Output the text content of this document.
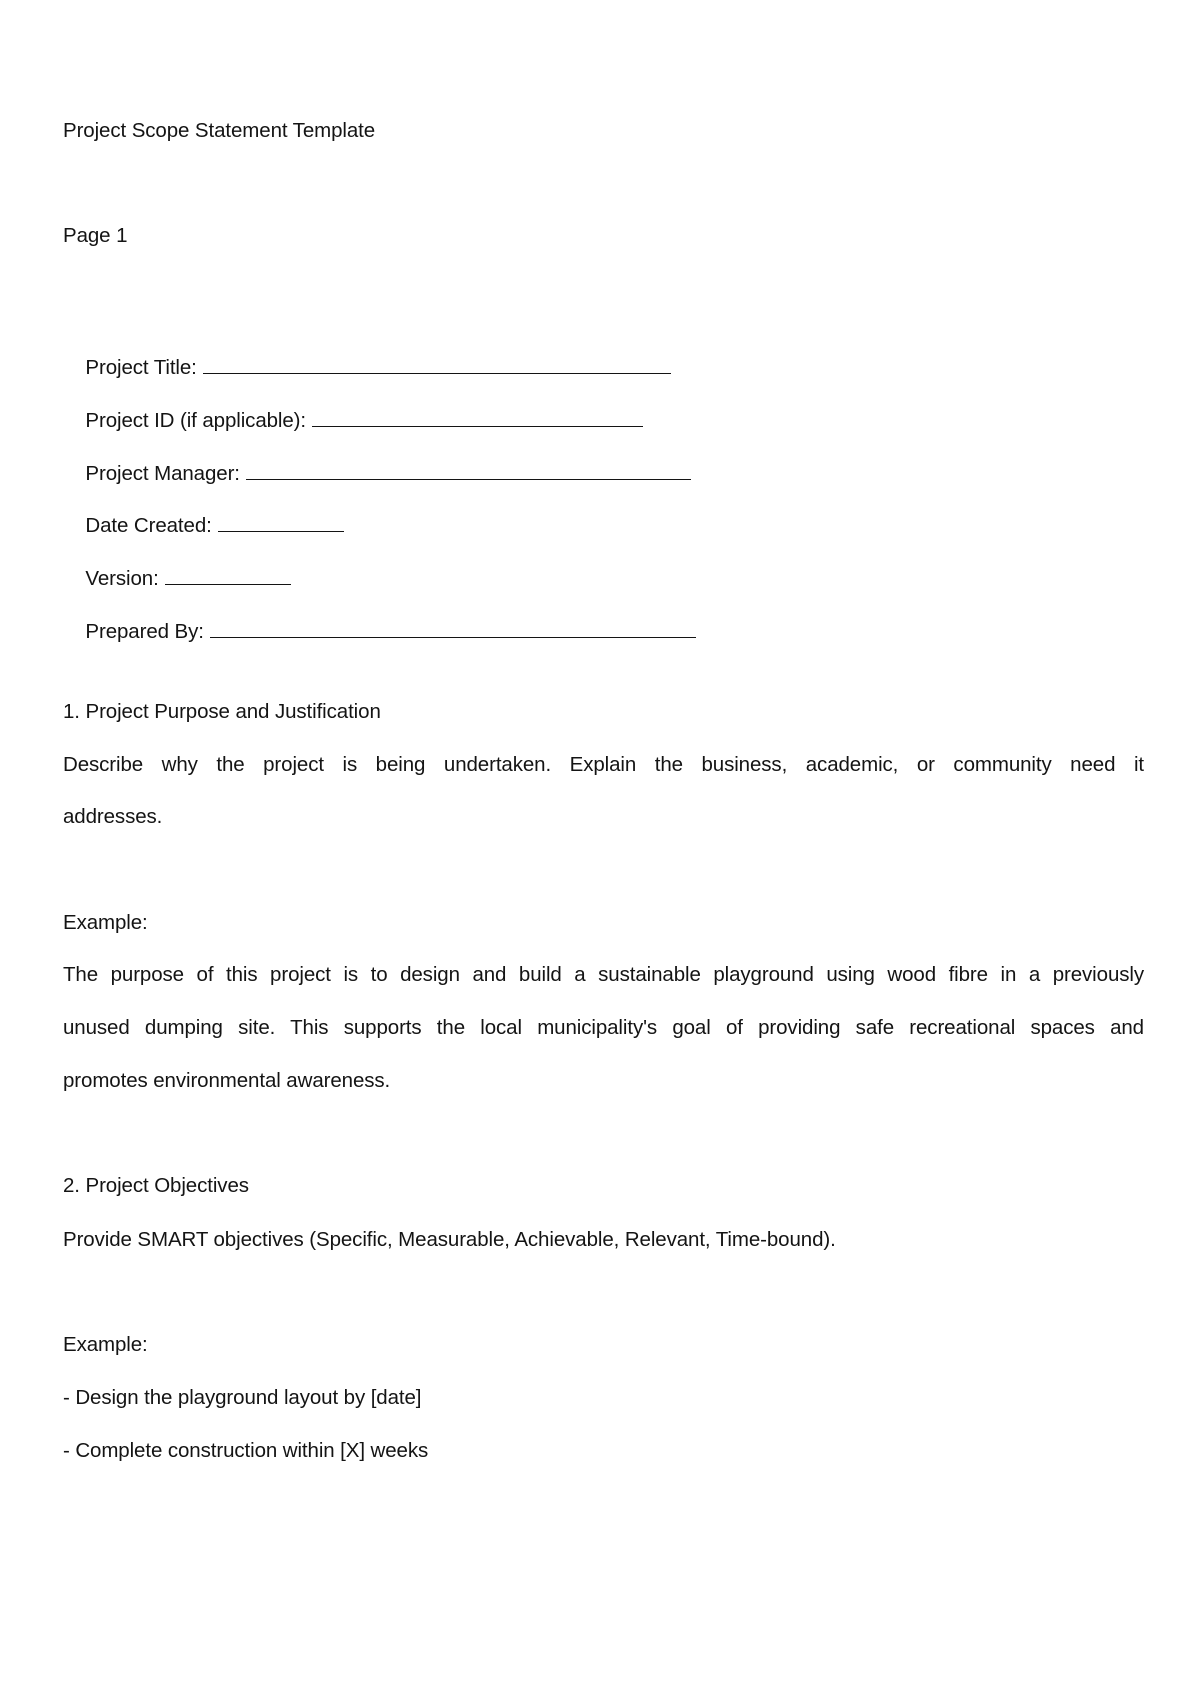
Project Scope Statement Template
Page 1

Project Title:

Project ID (if applicable):

Project Manager:

Date Created:

Version:

Prepared By:

1. Project Purpose and Justification
Describe why the project is being undertaken. Explain the business, academic, or community need it
addresses.
Example:
The purpose of this project is to design and build a sustainable playground using wood fibre in a previously
unused dumping site. This supports the local municipality's goal of providing safe recreational spaces and
promotes environmental awareness.
2. Project Objectives
Provide SMART objectives (Specific, Measurable, Achievable, Relevant, Time-bound).
Example:
- Design the playground layout by [date]
- Complete construction within [X] weeks
